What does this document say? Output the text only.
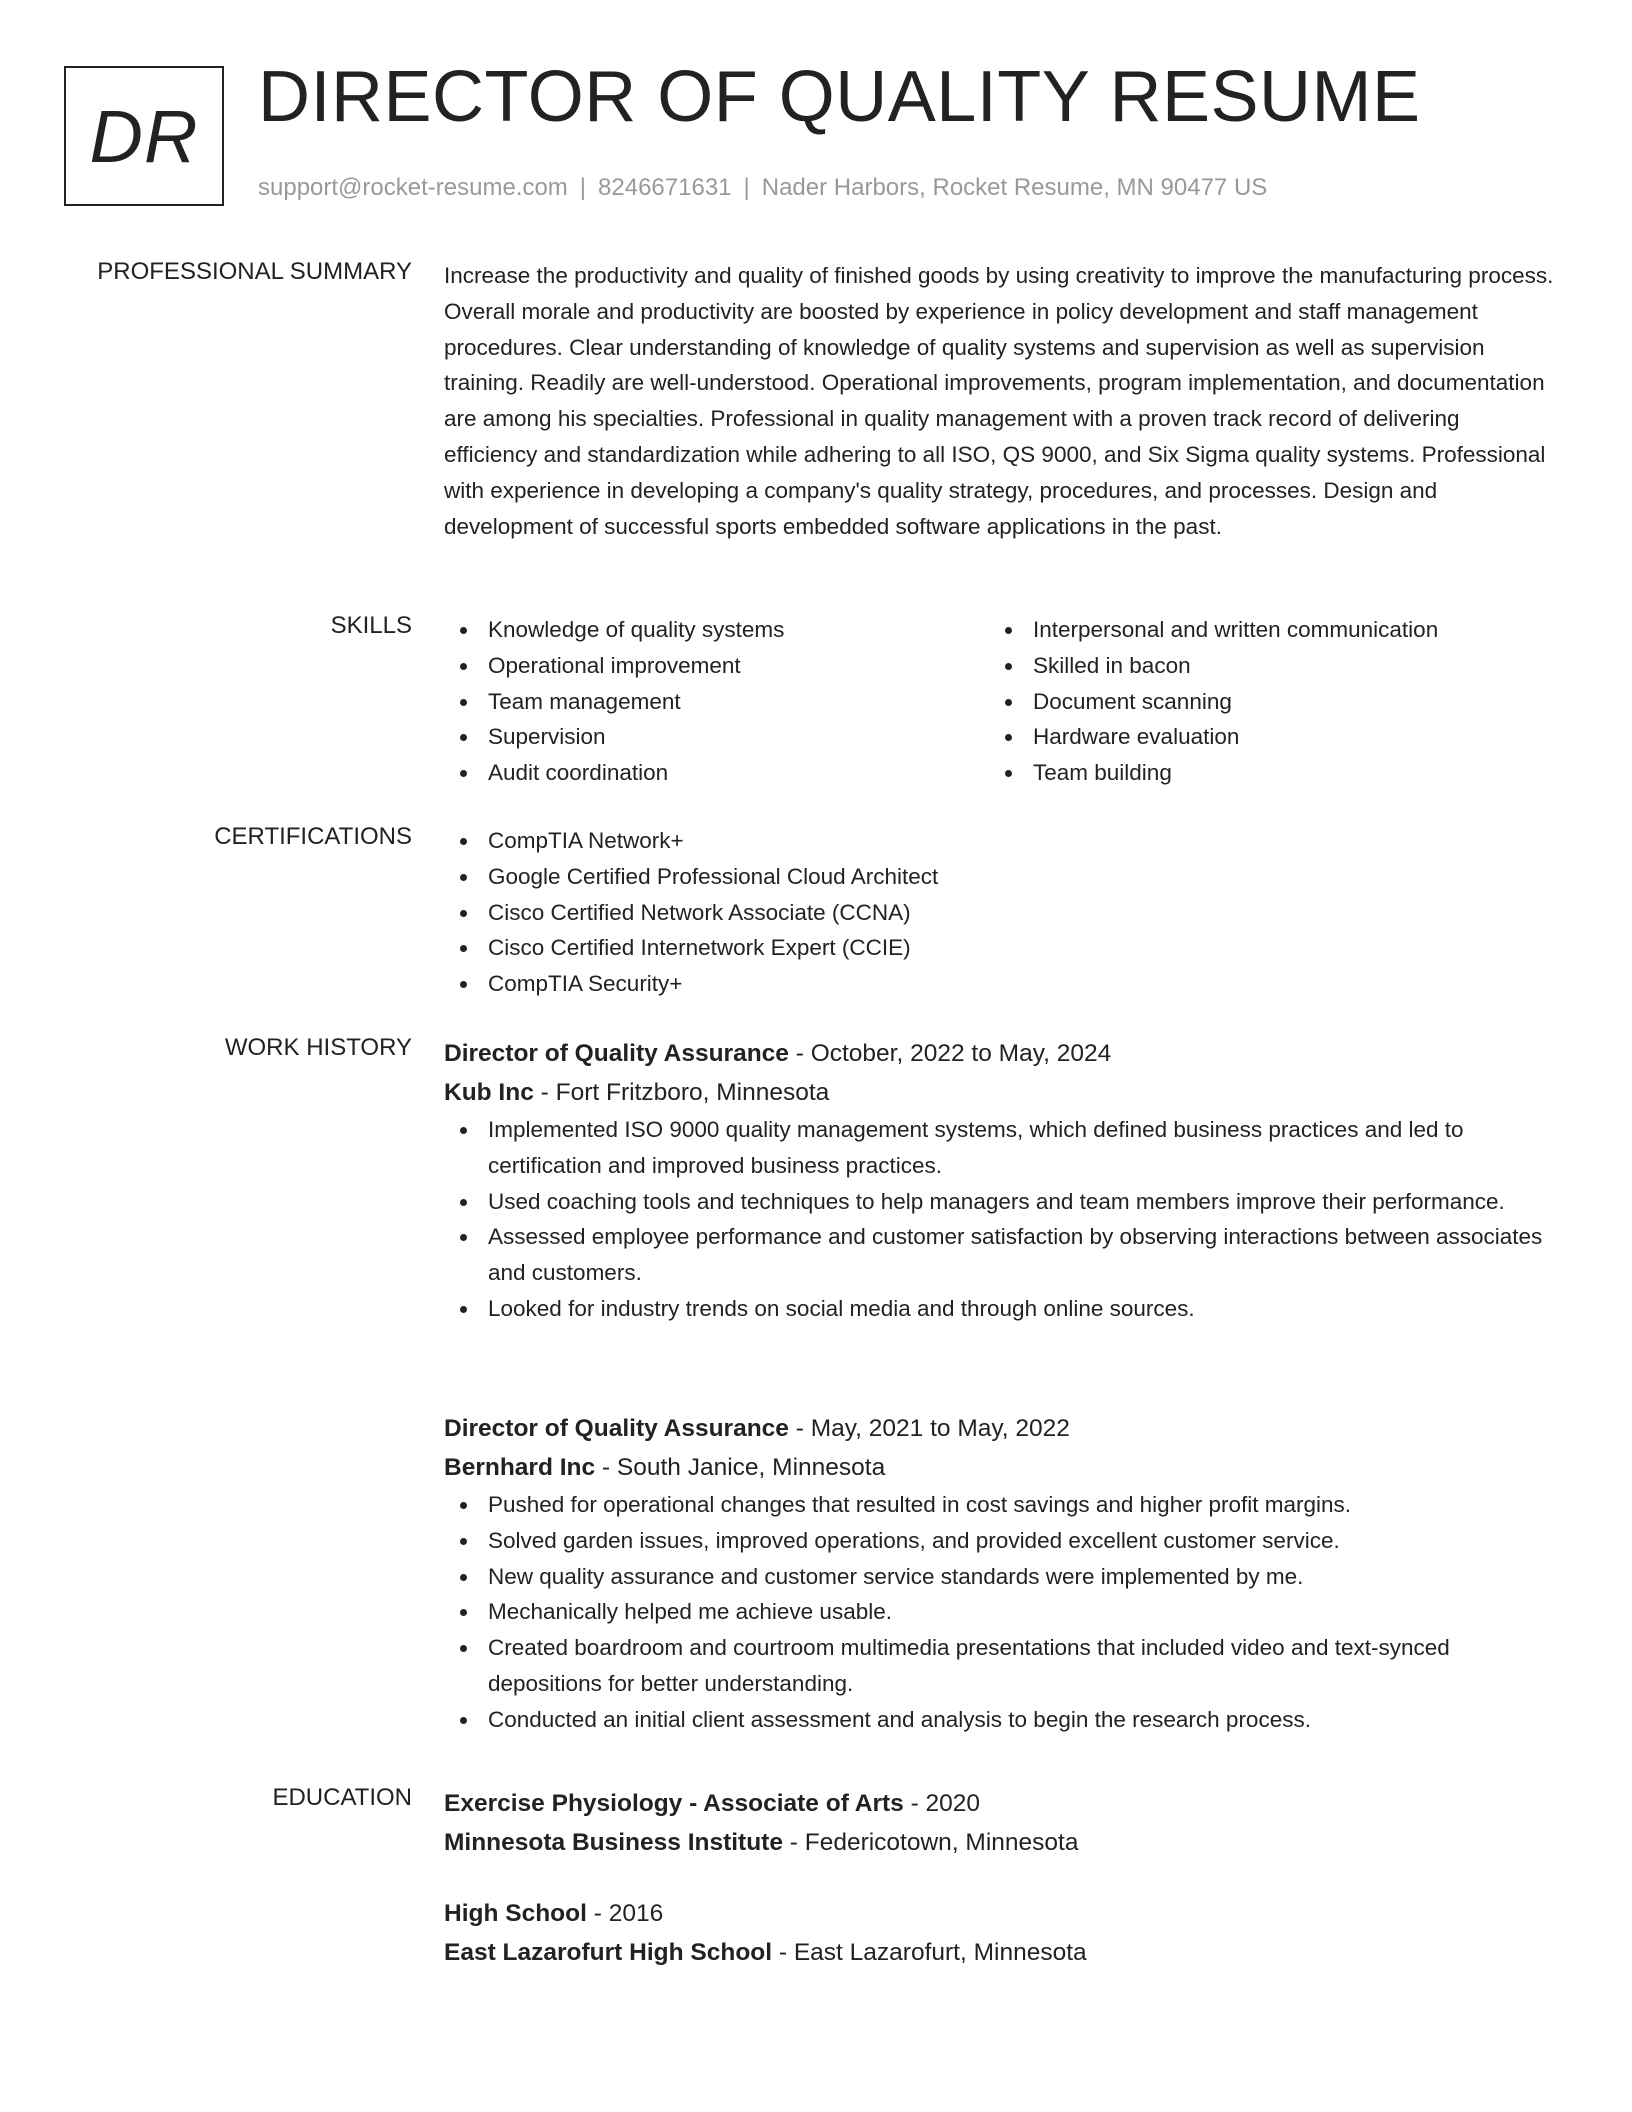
DR DIRECTOR OF QUALITY RESUME
support@rocket-resume.com | 8246671631 | Nader Harbors, Rocket Resume, MN 90477 US
PROFESSIONAL SUMMARY Increase the productivity and quality of finished goods by using creativity to improve the manufacturing process. Overall morale and productivity are boosted by experience in policy development and staff management procedures. Clear understanding of knowledge of quality systems and supervision as well as supervision training. Readily are well-understood. Operational improvements, program implementation, and documentation are among his specialties. Professional in quality management with a proven track record of delivering efficiency and standardization while adhering to all ISO, QS 9000, and Six Sigma quality systems. Professional with experience in developing a company's quality strategy, procedures, and processes. Design and development of successful sports embedded software applications in the past.

SKILLS	Knowledge of quality systems
Operational improvement
Team management
Supervision
Audit coordination
Interpersonal and written communication
Skilled in bacon
Document scanning
Hardware evaluation
Team building
CERTIFICATIONS	CompTIA Network+
Google Certified Professional Cloud Architect
Cisco Certified Network Associate (CCNA)
Cisco Certified Internetwork Expert (CCIE)
CompTIA Security+
WORK HISTORY Director of Quality Assurance - October, 2022 to May, 2024
Kub Inc - Fort Fritzboro, Minnesota
Implemented ISO 9000 quality management systems, which defined business practices and led to certification and improved business practices.
Used coaching tools and techniques to help managers and team members improve their performance.
Assessed employee performance and customer satisfaction by observing interactions between associates and customers.
Looked for industry trends on social media and through online sources.
Director of Quality Assurance - May, 2021 to May, 2022
Bernhard Inc - South Janice, Minnesota
Pushed for operational changes that resulted in cost savings and higher profit margins.
Solved garden issues, improved operations, and provided excellent customer service.
New quality assurance and customer service standards were implemented by me.
Mechanically helped me achieve usable.
Created boardroom and courtroom multimedia presentations that included video and text-synced depositions for better understanding.
Conducted an initial client assessment and analysis to begin the research process.
EDUCATION Exercise Physiology - Associate of Arts - 2020
Minnesota Business Institute - Federicotown, Minnesota
High School - 2016
East Lazarofurt High School - East Lazarofurt, Minnesota
